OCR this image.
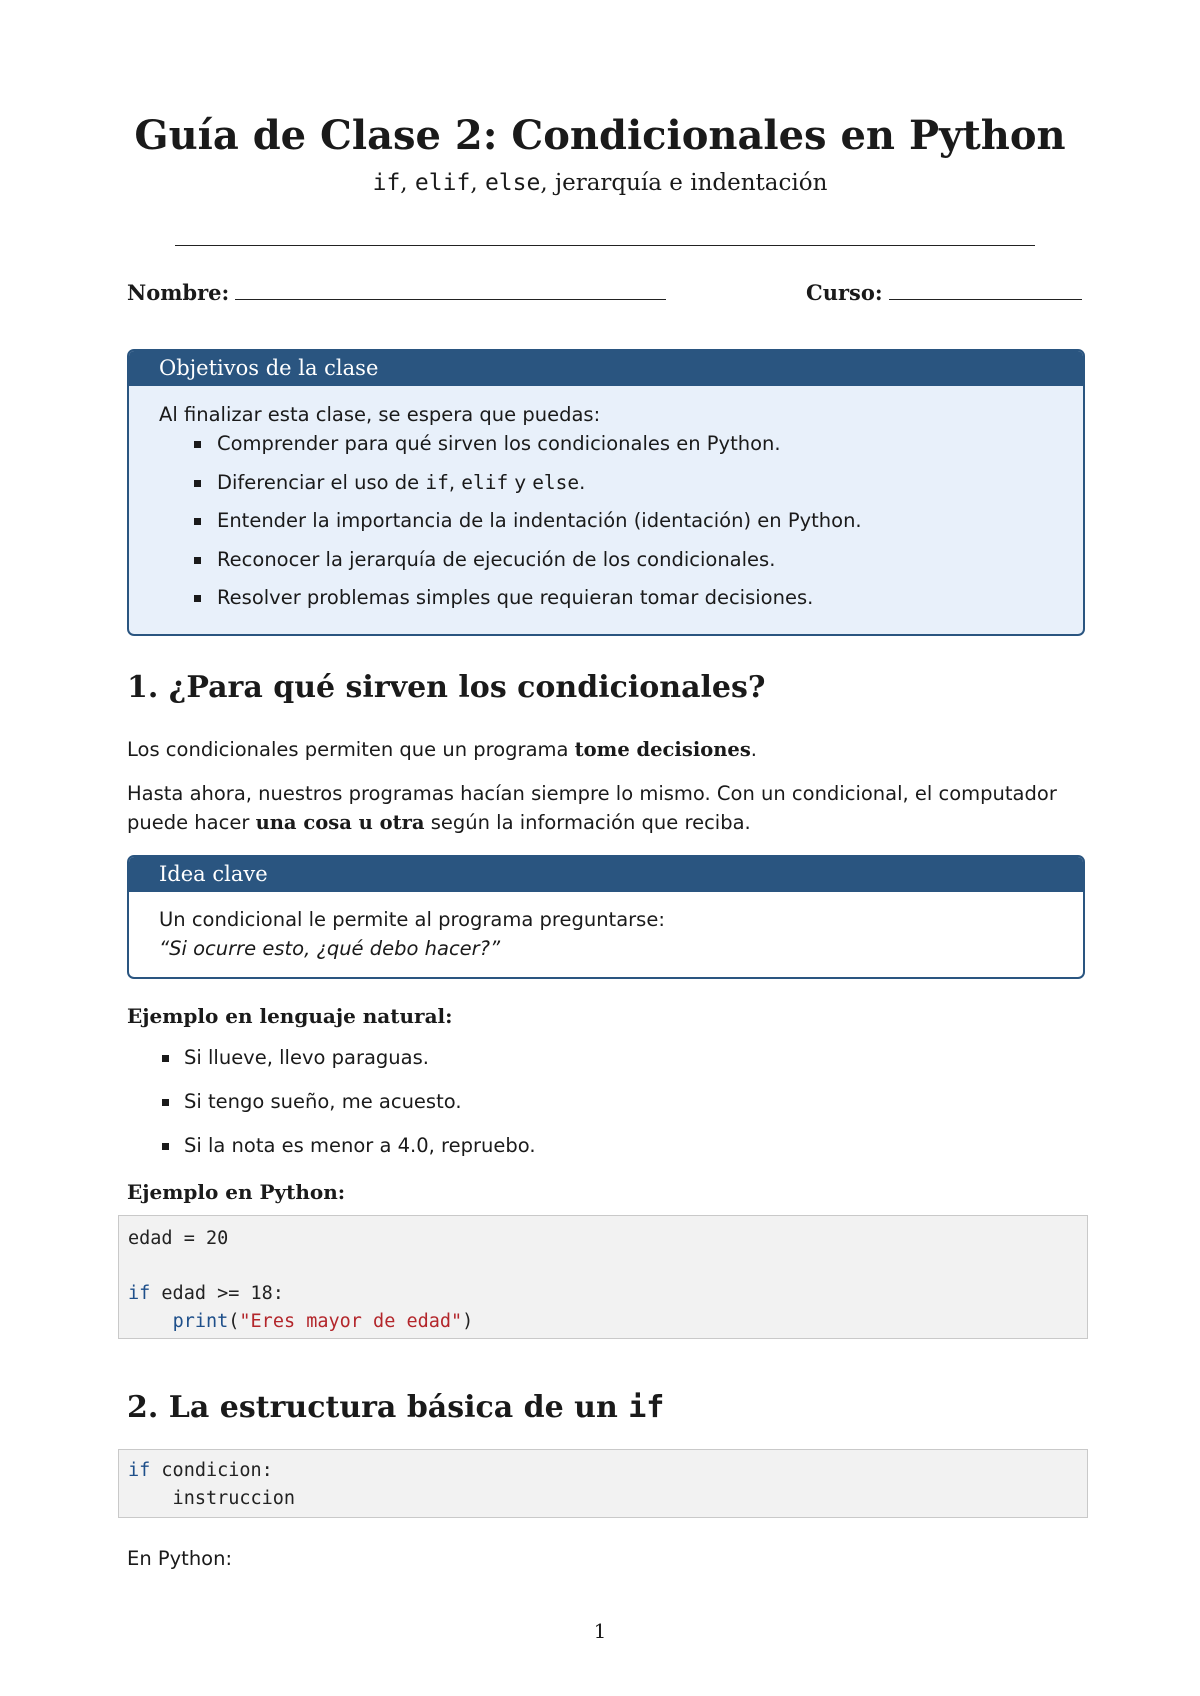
Guía de Clase 2: Condicionales en Python
if, elif, else, jerarquía e indentación
Nombre:	Curso:
Objetivos de la clase
Al finalizar esta clase, se espera que puedas:
Comprender para qué sirven los condicionales en Python.
Diferenciar el uso de if, elif y else.
Entender la importancia de la indentación (identación) en Python.
Reconocer la jerarquía de ejecución de los condicionales.
Resolver problemas simples que requieran tomar decisiones.
1. ¿Para qué sirven los condicionales?
Los condicionales permiten que un programa tome decisiones.
Hasta ahora, nuestros programas hacían siempre lo mismo. Con un condicional, el computador puede hacer una cosa u otra según la información que reciba.
Idea clave
Un condicional le permite al programa preguntarse:
“Si ocurre esto, ¿qué debo hacer?”
Ejemplo en lenguaje natural:
Si llueve, llevo paraguas.
Si tengo sueño, me acuesto.
Si la nota es menor a 4.0, repruebo.
Ejemplo en Python:
edad = 20
if edad >= 18:
print("Eres mayor de edad")
2. La estructura básica de un if
if condicion:
instruccion
En Python:
1
